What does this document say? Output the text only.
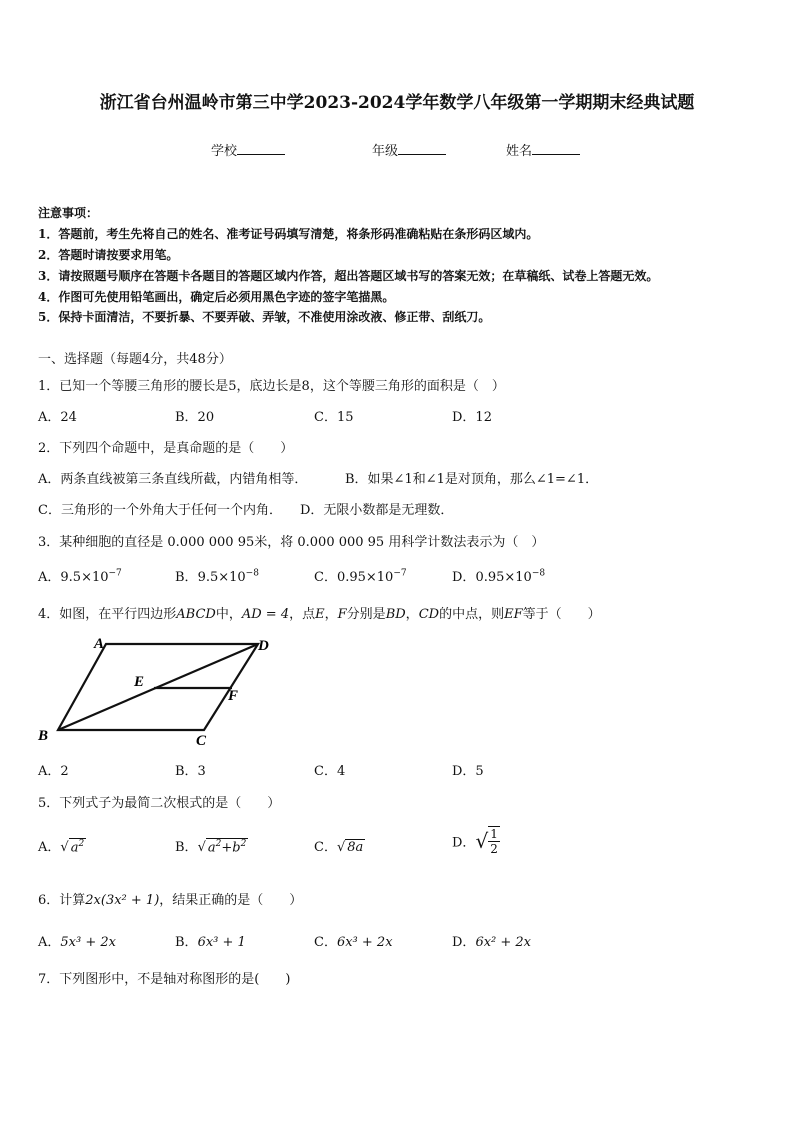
浙江省台州温岭市第三中学2023-2024学年数学八年级第一学期期末经典试题
学校	年级	姓名
注意事项：
1．答题前，考生先将自己的姓名、准考证号码填写清楚，将条形码准确粘贴在条形码区域内。
2．答题时请按要求用笔。
3．请按照题号顺序在答题卡各题目的答题区域内作答，超出答题区域书写的答案无效；在草稿纸、试卷上答题无效。
4．作图可先使用铅笔画出，确定后必须用黑色字迹的签字笔描黑。
5．保持卡面清洁，不要折暴、不要弄破、弄皱，不准使用涂改液、修正带、刮纸刀。
一、选择题（每题4分，共48分）
1．已知一个等腰三角形的腰长是5，底边长是8，这个等腰三角形的面积是（　）
A．24	B．20	C．15	D．12
2．下列四个命题中，是真命题的是（　　）
A．两条直线被第三条直线所截，内错角相等．	B．如果∠1和∠1是对顶角，那么∠1=∠1．
C．三角形的一个外角大于任何一个内角． D．无限小数都是无理数．
3．某种细胞的直径是 0.000 000 95米，将 0.000 000 95 用科学计数法表示为（　）
A．$9.5\times 10^{-7}$	B．$9.5\times 10^{-8}$	C．$0.95\times 10^{-7}$	D．$0.95\times 10^{-8}$
4．如图，在平行四边形ABCD中，AD = 4，点E，F分别是BD，CD的中点，则EF等于（　　）
A	D
E
F
B	C
A．2	B．3	C．4	D．5
5．下列式子为最简二次根式的是（　　）
A．√ $a^2$	B．√ $a^2+b^2$	C．√ 8a	D．√ $\frac{1}{2}$
6．计算2x(3x² + 1)，结果正确的是（　　）
A．5x³ + 2x	B．6x³ + 1	C．6x³ + 2x	D．6x² + 2x
7．下列图形中，不是轴对称图形的是(　　)
